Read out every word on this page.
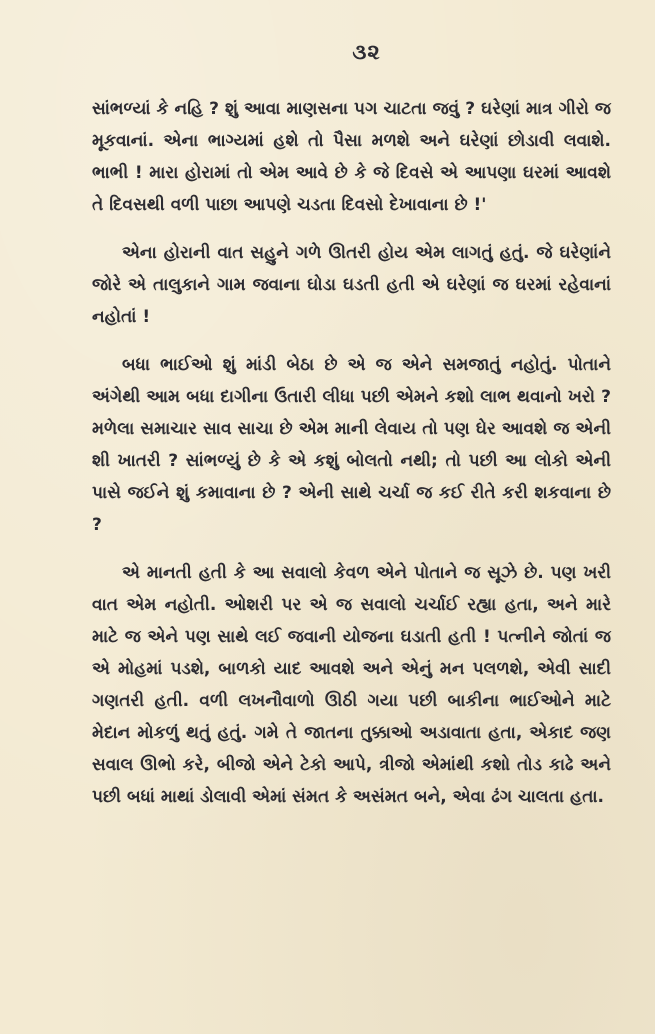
૩૨

સાંભળ્યાં કે નહિ ? શું આવા માણસના પગ ચાટતા જવું ? ઘરેણાં માત્ર ગીરો જ મૂકવાનાં. એના ભાગ્યમાં હશે તો પૈસા મળશે અને ઘરેણાં છોડાવી લવાશે. ભાભી ! મારા હોરામાં તો એમ આવે છે કે જે દિવસે એ આપણા ઘરમાં આવશે તે દિવસથી વળી પાછા આપણે ચડતા દિવસો દેખાવાના છે !'

એના હોરાની વાત સહુને ગળે ઊતરી હોય એમ લાગતું હતું. જે ઘરેણાંને જોરે એ તાલુકાને ગામ જવાના ઘોડા ઘડતી હતી એ ઘરેણાં જ ઘરમાં રહેવાનાં નહોતાં !

બધા ભાઈઓ શું માંડી બેઠા છે એ જ એને સમજાતું નહોતું. પોતાને અંગેથી આમ બધા દાગીના ઉતારી લીધા પછી એમને કશો લાભ થવાનો ખરો ? મળેલા સમાચાર સાવ સાચા છે એમ માની લેવાય તો પણ ઘેર આવશે જ એની શી ખાતરી ? સાંભળ્યું છે કે એ કશું બોલતો નથી; તો પછી આ લોકો એની પાસે જઈને શું કમાવાના છે ? એની સાથે ચર્ચા જ કઈ રીતે કરી શકવાના છે ?

એ માનતી હતી કે આ સવાલો કેવળ એને પોતાને જ સૂઝે છે. પણ ખરી વાત એમ નહોતી. ઓશરી પર એ જ સવાલો ચર્ચાઈ રહ્યા હતા, અને મારે માટે જ એને પણ સાથે લઈ જવાની યોજના ઘડાતી હતી ! પત્નીને જોતાં જ એ મોહમાં પડશે, બાળકો યાદ આવશે અને એનું મન પલળશે, એવી સાદી ગણતરી હતી. વળી લખનૌવાળો ઊઠી ગયા પછી બાકીના ભાઈઓને માટે મેદાન મોકળું થતું હતું. ગમે તે જાતના તુક્કાઓ અડાવાતા હતા, એકાદ જણ સવાલ ઊભો કરે, બીજો એને ટેકો આપે, ત્રીજો એમાંથી કશો તોડ કાઢે અને પછી બધાં માથાં ડોલાવી એમાં સંમત કે અસંમત બને, એવા ઢંગ ચાલતા હતા.
